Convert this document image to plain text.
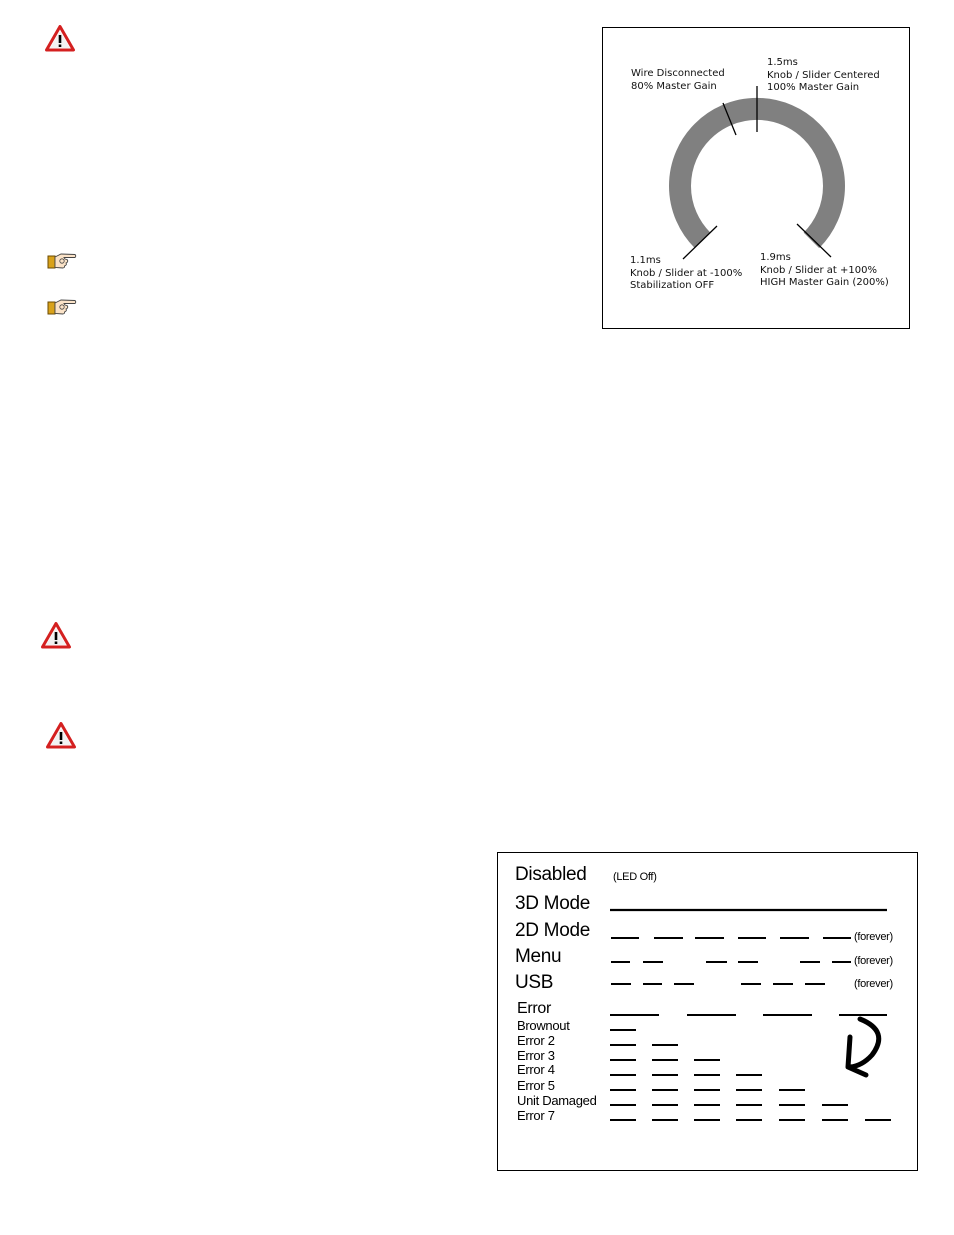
Wire Disconnected
80% Master Gain
1.5ms
Knob / Slider Centered
100% Master Gain
1.1ms
Knob / Slider at -100%
Stabilization OFF
1.9ms
Knob / Slider at +100%
HIGH Master Gain (200%)
Disabled (LED Off)
3D Mode
2D Mode	(forever)
Menu	(forever)
USB	(forever)
Error
Brownout
Error 2
Error 3
Error 4
Error 5
Unit Damaged
Error 7
